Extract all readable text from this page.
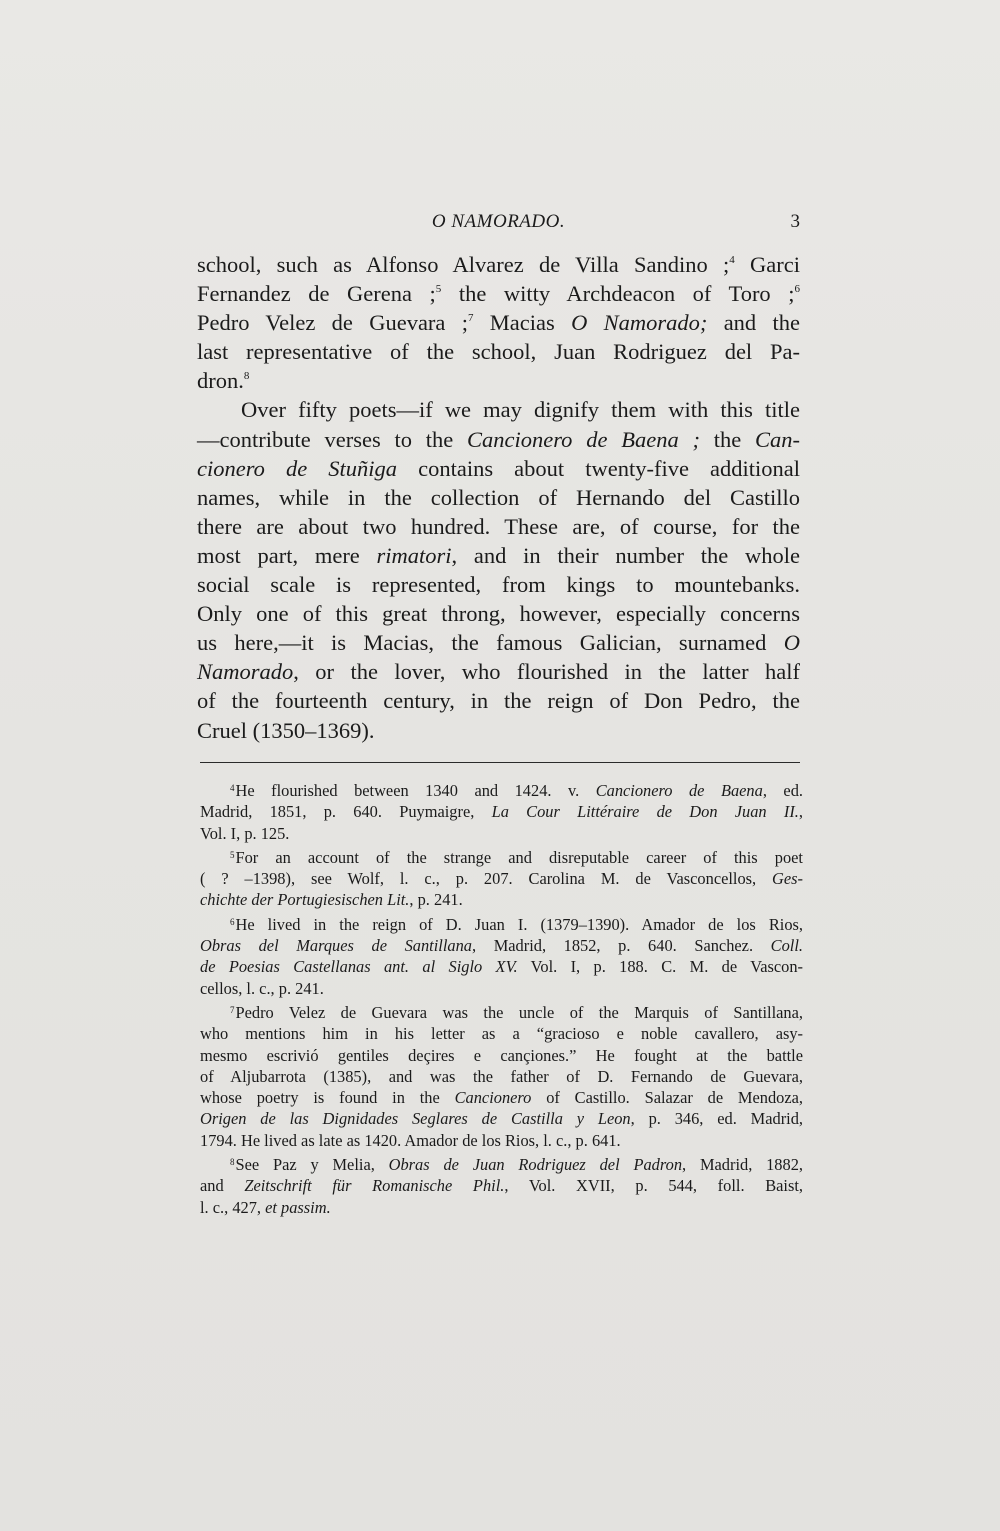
O NAMORADO.	3
school, such as Alfonso Alvarez de Villa Sandino ;$^4$ Garci
Fernandez de Gerena ;$^5$ the witty Archdeacon of Toro ;$^6$
Pedro Velez de Guevara ;$^7$ Macias O Namorado; and the
last representative of the school, Juan Rodriguez del Pa-
dron.$^8$
Over fifty poets—if we may dignify them with this title
—contribute verses to the Cancionero de Baena ; the Can-
cionero de Stuñiga contains about twenty-five additional
names, while in the collection of Hernando del Castillo
there are about two hundred. These are, of course, for the
most part, mere rimatori, and in their number the whole
social scale is represented, from kings to mountebanks.
Only one of this great throng, however, especially concerns
us here,—it is Macias, the famous Galician, surnamed O
Namorado, or the lover, who flourished in the latter half
of the fourteenth century, in the reign of Don Pedro, the
Cruel (1350–1369).
$^4$He flourished between 1340 and 1424. v. Cancionero de Baena, ed.
Madrid, 1851, p. 640. Puymaigre, La Cour Littéraire de Don Juan II.,
Vol. I, p. 125.
$^5$For an account of the strange and disreputable career of this poet
( ? –1398), see Wolf, l. c., p. 207. Carolina M. de Vasconcellos, Ges-
chichte der Portugiesischen Lit., p. 241.
$^6$He lived in the reign of D. Juan I. (1379–1390). Amador de los Rios,
Obras del Marques de Santillana, Madrid, 1852, p. 640. Sanchez. Coll.
de Poesias Castellanas ant. al Siglo XV. Vol. I, p. 188. C. M. de Vascon-
cellos, l. c., p. 241.
$^7$Pedro Velez de Guevara was the uncle of the Marquis of Santillana,
who mentions him in his letter as a “gracioso e noble cavallero, asy-
mesmo escrivió gentiles deçires e cançiones.” He fought at the battle
of Aljubarrota (1385), and was the father of D. Fernando de Guevara,
whose poetry is found in the Cancionero of Castillo. Salazar de Mendoza,
Origen de las Dignidades Seglares de Castilla y Leon, p. 346, ed. Madrid,
1794. He lived as late as 1420. Amador de los Rios, l. c., p. 641.
$^8$See Paz y Melia, Obras de Juan Rodriguez del Padron, Madrid, 1882,
and Zeitschrift für Romanische Phil., Vol. XVII, p. 544, foll. Baist,
l. c., 427, et passim.
